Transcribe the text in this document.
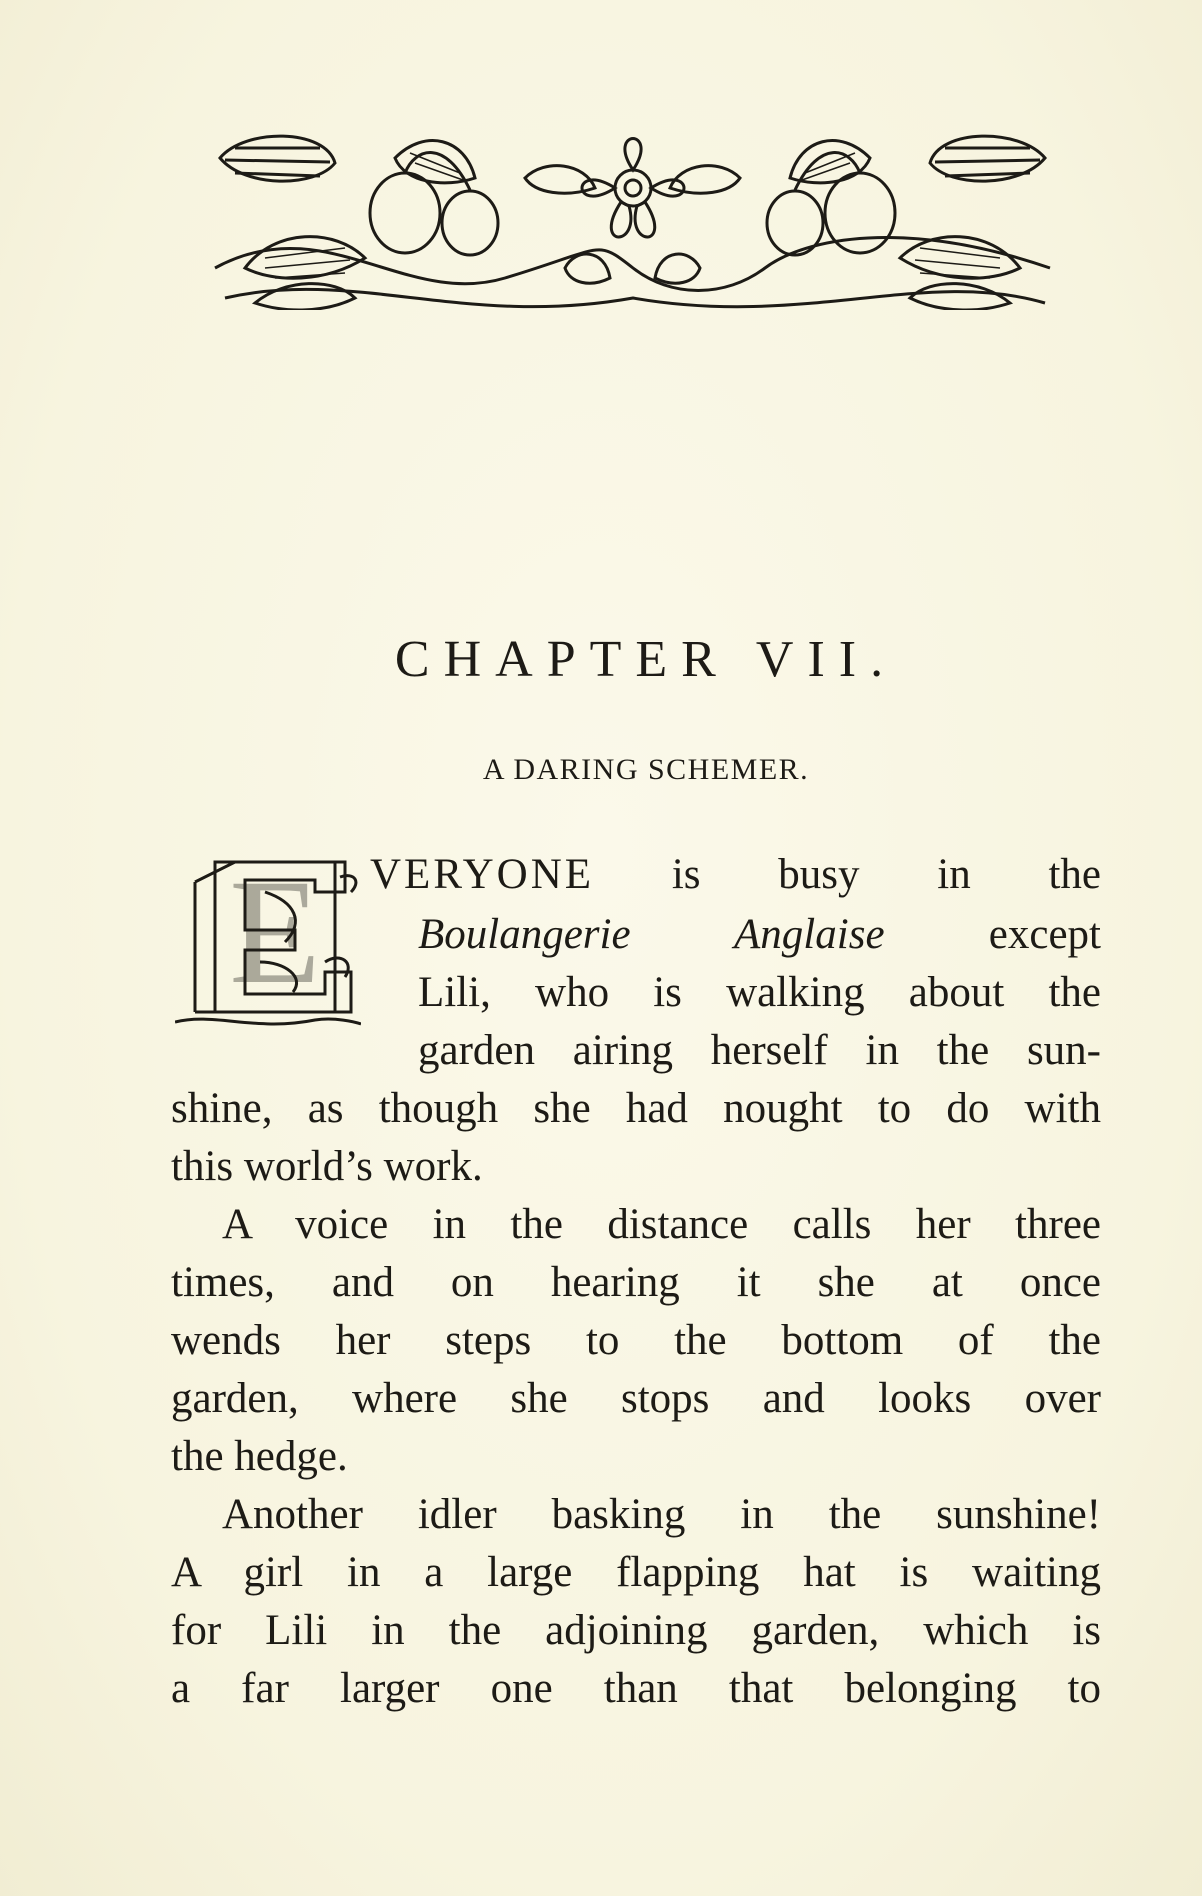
CHAPTER VII.
A DARING SCHEMER.
E VERYONE is busy in the
Boulangerie Anglaise except
Lili, who is walking about the
garden airing herself in the sun-
shine, as though she had nought to do with
this world’s work.
A voice in the distance calls her three
times, and on hearing it she at once
wends her steps to the bottom of the
garden, where she stops and looks over
the hedge.
Another idler basking in the sunshine!
A girl in a large flapping hat is waiting
for Lili in the adjoining garden, which is
a far larger one than that belonging to
